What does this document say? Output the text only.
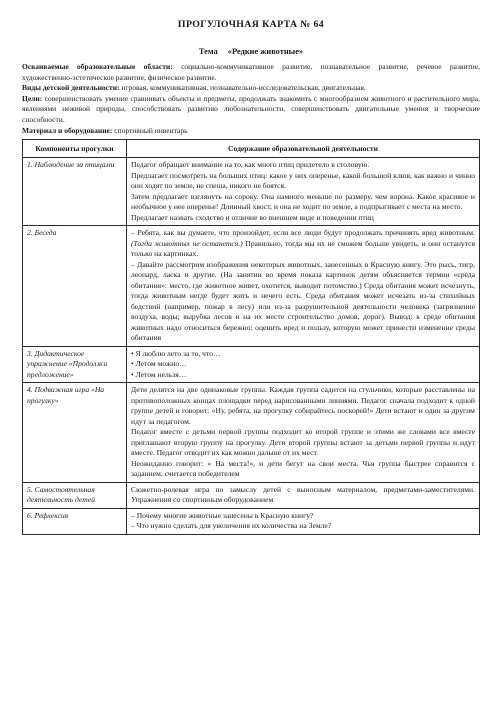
ПРОГУЛОЧНАЯ КАРТА № 64
Тема «Редкие животные»

Осваиваемые образовательные области: социально-коммуникативное развитие, познавательное развитие, речевое развитие, художественно-эстетическое развитие, физическое развитие.

Виды детской деятельности: игровая, коммуникативная, познавательно-исследовательская, двигательная.

Цели: совершенствовать умение сравнивать объекты и предметы, продолжать знакомить с многообразием животного и растительного мира, явлениями неживой природы, способствовать развитию любознательности, совершенствовать двигательные умения и творческие способности.

Материал и оборудование: спортивный инвентарь

Компоненты прогулки	Содержание образовательной деятельности
1. Наблюдение за птицами	Педагог обращает внимание на то, как много птиц прилетело в столовую.

Предлагает посмотреть на больших птиц: какое у них оперенье, какой большой клюв, как важно и чинно они ходят по земле, не спеша, никого не боятся.

Затем предлагает взглянуть на сороку. Она намного меньше по размеру, чем ворона. Какое красивое и необычное у нее оперенье! Длинный хвост, и она не ходит по земле, а подпрыгивает с места на место.

Предлагает назвать сходство и отличие во внешнем виде и поведении птиц

2. Беседа	– Ребята, как вы думаете, что произойдет, если все люди будут продолжать причинять вред животным. (Тогда животных не останется.) Правильно, тогда мы их не сможем больше увидеть, и они останутся только на картинках.

– Давайте рассмотрим изображения некоторых животных, занесенных в Красную книгу. Это рысь, тигр, леопард, ласка и другие. (На занятии во время показа картинок детям объясняется термин «среда обитания»: место, где животное живет, охотится, выводит потомство.) Среда обитания может исчезнуть, тогда животным негде будет жить и нечего есть. Среда обитания может исчезать из-за стихийных бедствий (например, пожар в лесу) или из-за разрушительной деятельности человека (загрязнение воздуха, воды; вырубка лесов и на их месте строительство домов, дорог). Вывод: к среде обитания животных надо относиться бережно: оценить вред и пользу, которую может принести изменение среды обитания

3. Дидактическое упражнение «Продолжи предложение»	• Я люблю лето за то, что…

• Летом можно…

• Летом нельзя…

4. Подвижная игра «На прогулку»	Дети делятся на две одинаковые группы. Каждая группа садится на стульчики, которые расставлены на противоположных концах площадки перед нарисованными линиями. Педагог сначала подходит к одной группе детей и говорит: «Ну, ребята, на прогулку собирайтесь поскорей!» Дети встают и один за другим идут за педагогом.

Педагог вместе с детьми первой группы подходит ко второй группе и этими же словами все вместе приглашают вторую группу на прогулку. Дети второй группы встают за детьми первой группы и идут вместе. Педагог отводит их как можно дальше от их мест.

Неожиданно говорит: « На места!», и дети бегут на свои места. Чья группа быстрее справится с заданием, считается победителем

5. Самостоятельная деятельность детей	Сюжетно-ролевая игра по замыслу детей с выносным материалом, предметами-заместителями. Упражнения со спортивным оборудованием

6. Рефлексия	– Почему многие животные занесены в Красную книгу?

– Что нужно сделать для увеличения их количества на Земле?
